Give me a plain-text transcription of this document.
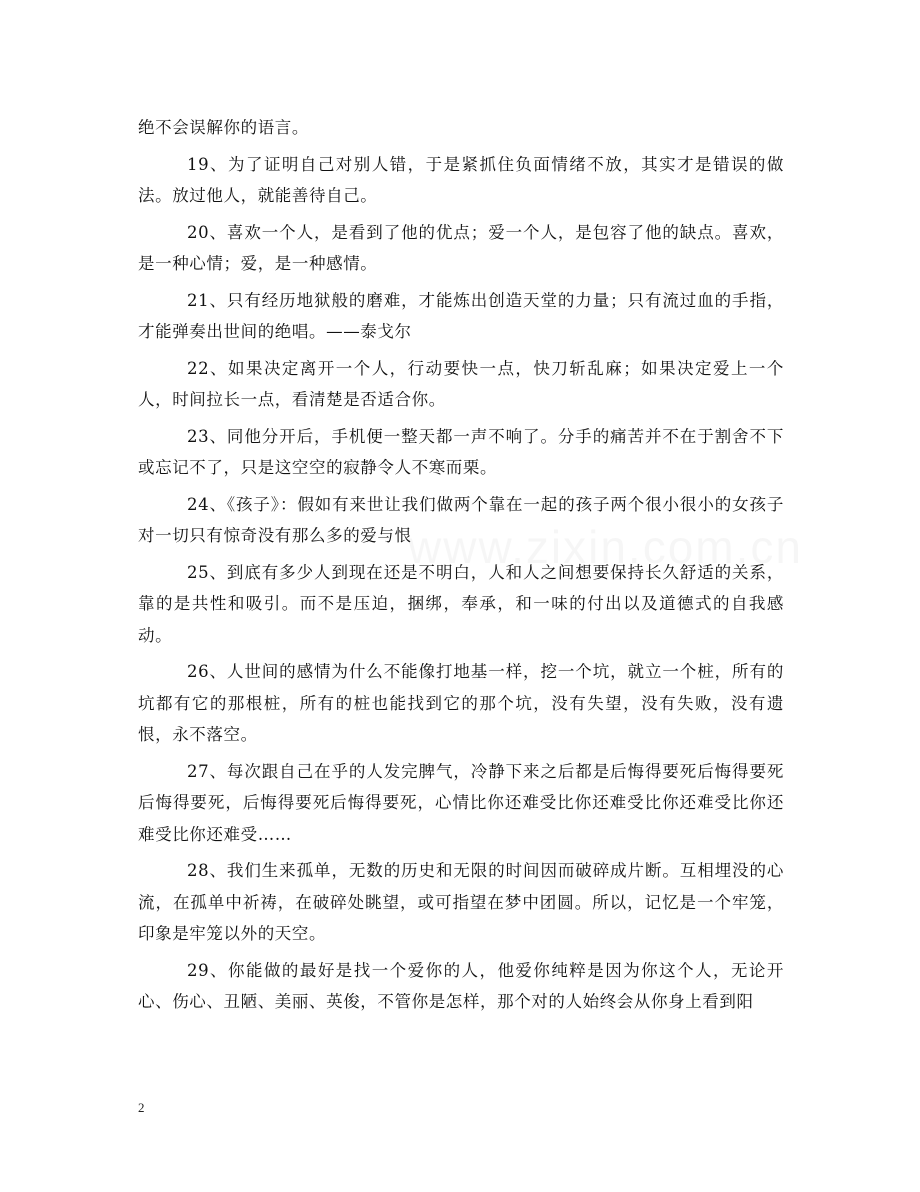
绝不会误解你的语言。

19、为了证明自己对别人错，于是紧抓住负面情绪不放，其实才是错误的做法。放过他人，就能善待自己。

20、喜欢一个人，是看到了他的优点；爱一个人，是包容了他的缺点。喜欢，是一种心情；爱，是一种感情。

21、只有经历地狱般的磨难，才能炼出创造天堂的力量；只有流过血的手指，才能弹奏出世间的绝唱。——泰戈尔

22、如果决定离开一个人，行动要快一点，快刀斩乱麻；如果决定爱上一个人，时间拉长一点，看清楚是否适合你。

23、同他分开后，手机便一整天都一声不响了。分手的痛苦并不在于割舍不下或忘记不了，只是这空空的寂静令人不寒而栗。

24、《孩子》：假如有来世让我们做两个靠在一起的孩子两个很小很小的女孩子对一切只有惊奇没有那么多的爱与恨

25、到底有多少人到现在还是不明白，人和人之间想要保持长久舒适的关系，靠的是共性和吸引。而不是压迫，捆绑，奉承，和一味的付出以及道德式的自我感动。

26、人世间的感情为什么不能像打地基一样，挖一个坑，就立一个桩，所有的坑都有它的那根桩，所有的桩也能找到它的那个坑，没有失望，没有失败，没有遗恨，永不落空。

27、每次跟自己在乎的人发完脾气，冷静下来之后都是后悔得要死后悔得要死后悔得要死，后悔得要死后悔得要死，心情比你还难受比你还难受比你还难受比你还难受比你还难受……

28、我们生来孤单，无数的历史和无限的时间因而破碎成片断。互相埋没的心流，在孤单中祈祷，在破碎处眺望，或可指望在梦中团圆。所以，记忆是一个牢笼，印象是牢笼以外的天空。

29、你能做的最好是找一个爱你的人，他爱你纯粹是因为你这个人，无论开心、伤心、丑陋、美丽、英俊，不管你是怎样，那个对的人始终会从你身上看到阳

2
